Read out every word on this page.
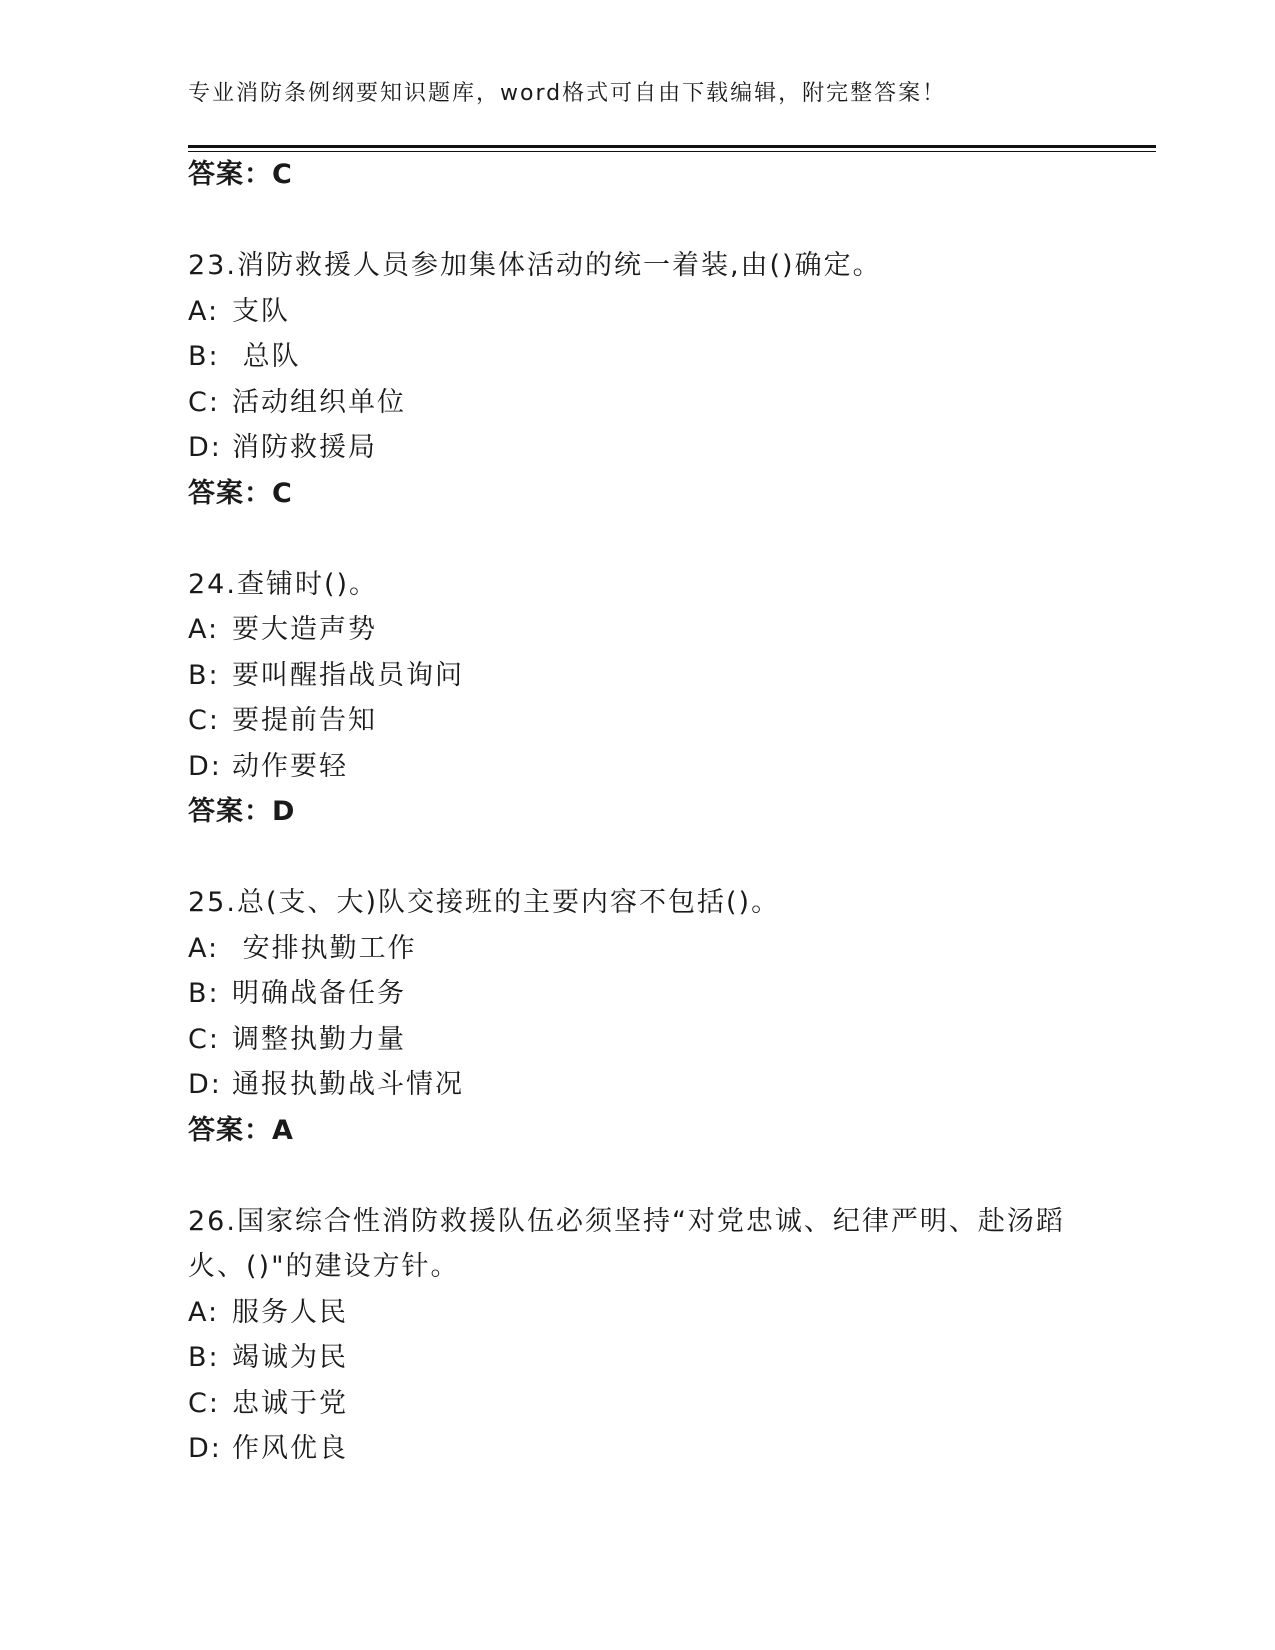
专业消防条例纲要知识题库，word格式可自由下载编辑，附完整答案！
答案：C
23.消防救援人员参加集体活动的统一着装,由()确定。
A: 支队
B: 总队
C: 活动组织单位
D: 消防救援局
答案：C
24.查铺时()。
A: 要大造声势
B: 要叫醒指战员询问
C: 要提前告知
D: 动作要轻
答案：D
25.总(支、大)队交接班的主要内容不包括()。
A: 安排执勤工作
B: 明确战备任务
C: 调整执勤力量
D: 通报执勤战斗情况
答案：A
26.国家综合性消防救援队伍必须坚持“对党忠诚、纪律严明、赴汤蹈
火、()"的建设方针。
A: 服务人民
B: 竭诚为民
C: 忠诚于党
D: 作风优良
